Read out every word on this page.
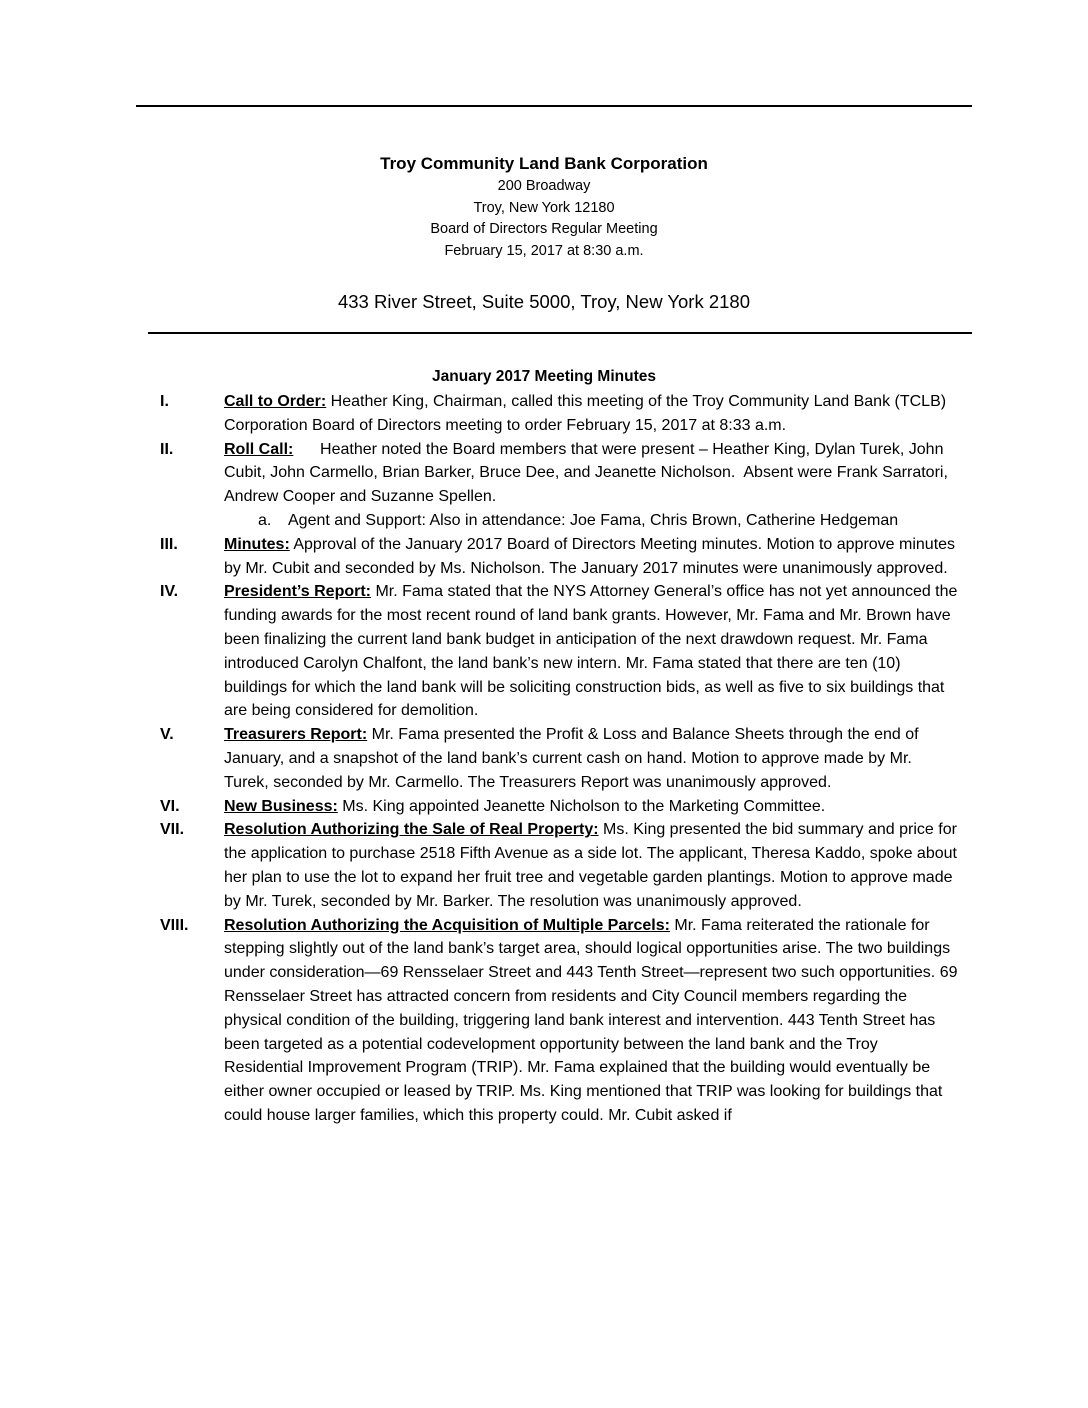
Troy Community Land Bank Corporation
200 Broadway
Troy, New York 12180
Board of Directors Regular Meeting
February 15, 2017 at 8:30 a.m.
433 River Street, Suite 5000, Troy, New York 2180
January 2017 Meeting Minutes
I.	Call to Order: Heather King, Chairman, called this meeting of the Troy Community Land Bank (TCLB) Corporation Board of Directors meeting to order February 15, 2017 at 8:33 a.m.
II.	Roll Call:      Heather noted the Board members that were present – Heather King, Dylan Turek, John Cubit, John Carmello, Brian Barker, Bruce Dee, and Jeanette Nicholson.  Absent were Frank Sarratori, Andrew Cooper and Suzanne Spellen.
a. Agent and Support: Also in attendance: Joe Fama, Chris Brown, Catherine Hedgeman
III.	Minutes: Approval of the January 2017 Board of Directors Meeting minutes. Motion to approve minutes by Mr. Cubit and seconded by Ms. Nicholson. The January 2017 minutes were unanimously approved.
IV.	President’s Report: Mr. Fama stated that the NYS Attorney General’s office has not yet announced the funding awards for the most recent round of land bank grants. However, Mr. Fama and Mr. Brown have been finalizing the current land bank budget in anticipation of the next drawdown request. Mr. Fama introduced Carolyn Chalfont, the land bank’s new intern. Mr. Fama stated that there are ten (10) buildings for which the land bank will be soliciting construction bids, as well as five to six buildings that are being considered for demolition.
V.	Treasurers Report: Mr. Fama presented the Profit & Loss and Balance Sheets through the end of January, and a snapshot of the land bank’s current cash on hand. Motion to approve made by Mr. Turek, seconded by Mr. Carmello. The Treasurers Report was unanimously approved.
VI.	New Business: Ms. King appointed Jeanette Nicholson to the Marketing Committee.
VII. Resolution Authorizing the Sale of Real Property: Ms. King presented the bid summary and price for the application to purchase 2518 Fifth Avenue as a side lot. The applicant, Theresa Kaddo, spoke about her plan to use the lot to expand her fruit tree and vegetable garden plantings. Motion to approve made by Mr. Turek, seconded by Mr. Barker. The resolution was unanimously approved.
VIII. Resolution Authorizing the Acquisition of Multiple Parcels: Mr. Fama reiterated the rationale for stepping slightly out of the land bank’s target area, should logical opportunities arise. The two buildings under consideration—69 Rensselaer Street and 443 Tenth Street—represent two such opportunities. 69 Rensselaer Street has attracted concern from residents and City Council members regarding the physical condition of the building, triggering land bank interest and intervention. 443 Tenth Street has been targeted as a potential codevelopment opportunity between the land bank and the Troy Residential Improvement Program (TRIP). Mr. Fama explained that the building would eventually be either owner occupied or leased by TRIP. Ms. King mentioned that TRIP was looking for buildings that could house larger families, which this property could. Mr. Cubit asked if
